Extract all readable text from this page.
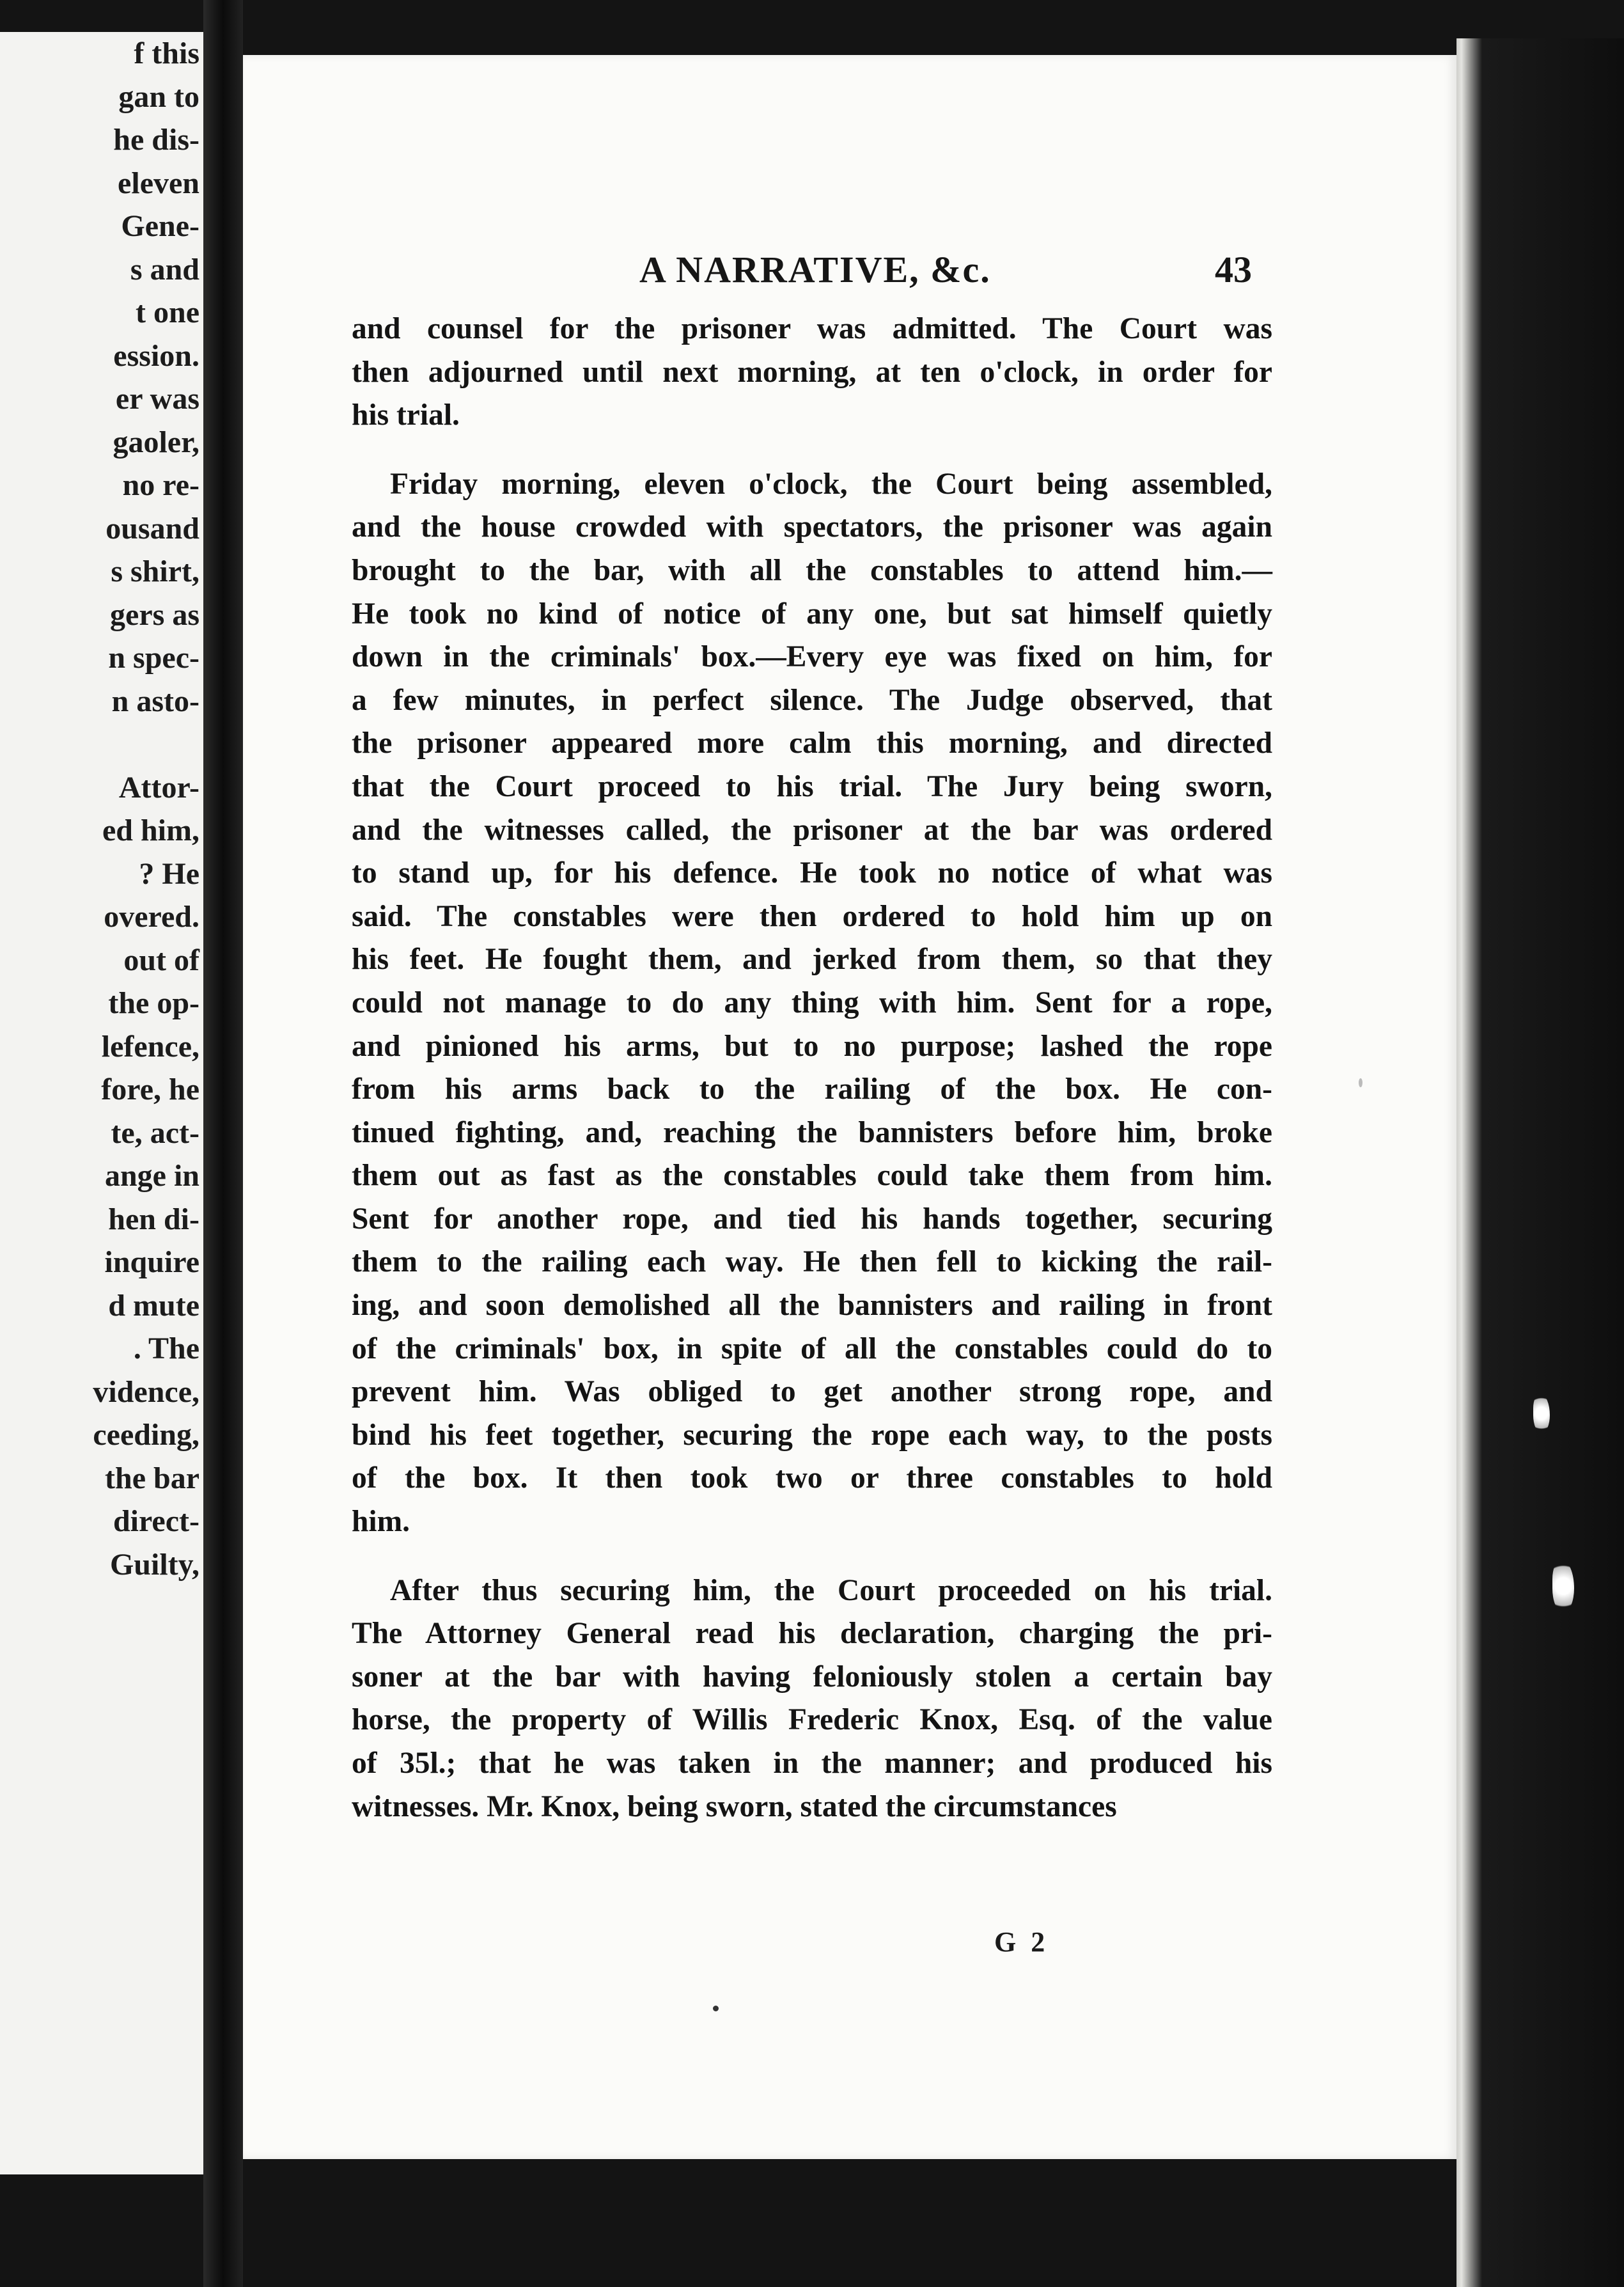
f this
gan to
he dis-
eleven
Gene-
s and
t one
ession.
er was
gaoler,
no re-
ousand
s shirt,
gers as
n spec-
n asto-
Attor-
ed him,
? He
overed.
out of
the op-
lefence,
fore, he
te, act-
ange in
hen di-
inquire
d mute
. The
vidence,
ceeding,
the bar
direct-
Guilty,
A NARRATIVE, &c.	43
and counsel for the prisoner was admitted. The Court was
then adjourned until next morning, at ten o'clock, in order for
his trial.
Friday morning, eleven o'clock, the Court being assembled,
and the house crowded with spectators, the prisoner was again
brought to the bar, with all the constables to attend him.—
He took no kind of notice of any one, but sat himself quietly
down in the criminals' box.—Every eye was fixed on him, for
a few minutes, in perfect silence. The Judge observed, that
the prisoner appeared more calm this morning, and directed
that the Court proceed to his trial. The Jury being sworn,
and the witnesses called, the prisoner at the bar was ordered
to stand up, for his defence. He took no notice of what was
said. The constables were then ordered to hold him up on
his feet. He fought them, and jerked from them, so that they
could not manage to do any thing with him. Sent for a rope,
and pinioned his arms, but to no purpose; lashed the rope
from his arms back to the railing of the box. He con-
tinued fighting, and, reaching the bannisters before him, broke
them out as fast as the constables could take them from him.
Sent for another rope, and tied his hands together, securing
them to the railing each way. He then fell to kicking the rail-
ing, and soon demolished all the bannisters and railing in front
of the criminals' box, in spite of all the constables could do to
prevent him. Was obliged to get another strong rope, and
bind his feet together, securing the rope each way, to the posts
of the box. It then took two or three constables to hold
him.
After thus securing him, the Court proceeded on his trial.
The Attorney General read his declaration, charging the pri-
soner at the bar with having feloniously stolen a certain bay
horse, the property of Willis Frederic Knox, Esq. of the value
of 35l.; that he was taken in the manner; and produced his
witnesses. Mr. Knox, being sworn, stated the circumstances
G 2
